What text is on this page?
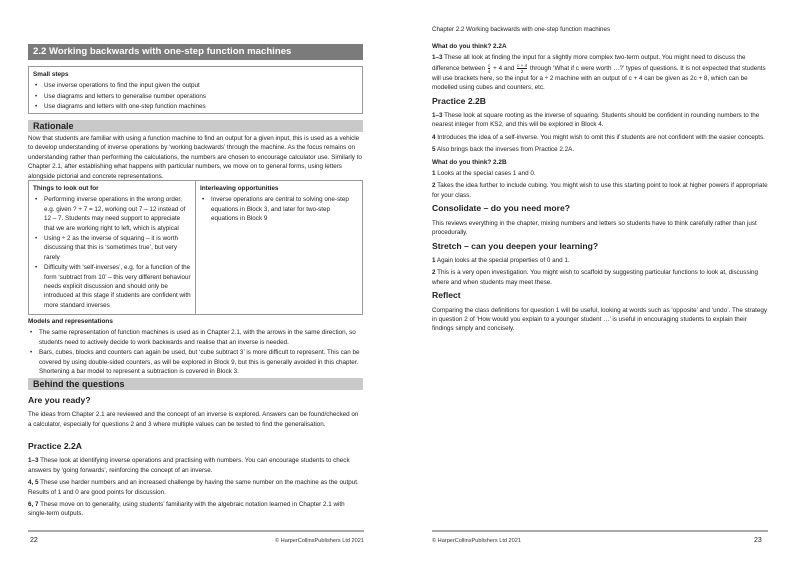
2.2 Working backwards with one-step function machines
Small steps
• Use inverse operations to find the input given the output
• Use diagrams and letters to generalise number operations
• Use diagrams and letters with one-step function machines
Rationale

Now that students are familiar with using a function machine to find an output for a given input, this is used as a vehicle to develop understanding of inverse operations by ‘working backwards’ through the machine. As the focus remains on understanding rather than performing the calculations, the numbers are chosen to encourage calculator use. Similarly to Chapter 2.1, after establishing what happens with particular numbers, we move on to general forms, using letters alongside pictorial and concrete representations.

Things to look out for
• Performing inverse operations in the wrong order, e.g. given ? + 7 = 12, working out 7 – 12 instead of 12 – 7. Students may need support to appreciate that we are working right to left, which is atypical
• Using ÷ 2 as the inverse of squaring – it is worth discussing that this is ‘sometimes true’, but very rarely
• Difficulty with ‘self-inverses’, e.g. for a function of the form ‘subtract from 10’ – this very different behaviour needs explicit discussion and should only be introduced at this stage if students are confident with more standard inverses

Interleaving opportunities
• Inverse operations are central to solving one-step equations in Block 3, and later for two-step equations in Block 9
Models and representations
• The same representation of function machines is used as in Chapter 2.1, with the arrows in the same direction, so students need to actively decide to work backwards and realise that an inverse is needed.
• Bars, cubes, blocks and counters can again be used, but ‘cube subtract 3’ is more difficult to represent. This can be covered by using double-sided counters, as will be explored in Block 9, but this is generally avoided in this chapter. Shortening a bar model to represent a subtraction is covered in Block 3.
Behind the questions
Are you ready?

The ideas from Chapter 2.1 are reviewed and the concept of an inverse is explored. Answers can be found/checked on a calculator, especially for questions 2 and 3 where multiple values can be tested to find the generalisation.

Practice 2.2A

1–3 These look at identifying inverse operations and practising with numbers. You can encourage students to check answers by ‘going forwards’, reinforcing the concept of an inverse.

4, 5 These use harder numbers and an increased challenge by having the same number on the machine as the output. Results of 1 and 0 are good points for discussion.

6, 7 These move on to generality, using students’ familiarity with the algebraic notation learned in Chapter 2.1 with single-term outputs.

22	© HarperCollinsPublishers Ltd 2021
Chapter 2.2 Working backwards with one-step function machines
What do you think? 2.2A

1–3 These all look at finding the input for a slightly more complex two-term output. You might need to discuss the difference between $\frac{c}{4} + 4$ and $\frac{c + 4}{2}$ through ‘What if c were worth …?’ types of questions. It is not expected that students will use brackets here, so the input for a ÷ 2 machine with an output of c + 4 can be given as 2c + 8, which can be modelled using cubes and counters, etc.

Practice 2.2B

1–3 These look at square rooting as the inverse of squaring. Students should be confident in rounding numbers to the nearest integer from KS2, and this will be explored in Block 4.

4 Introduces the idea of a self-inverse. You might wish to omit this if students are not confident with the easier concepts.

5 Also brings back the inverses from Practice 2.2A.

What do you think? 2.2B

1 Looks at the special cases 1 and 0.

2 Takes the idea further to include cubing. You might wish to use this starting point to look at higher powers if appropriate for your class.

Consolidate – do you need more?

This reviews everything in the chapter, mixing numbers and letters so students have to think carefully rather than just procedurally.

Stretch – can you deepen your learning?

1 Again looks at the special properties of 0 and 1.

2 This is a very open investigation. You might wish to scaffold by suggesting particular functions to look at, discussing where and when students may meet these.

Reflect

Comparing the class definitions for question 1 will be useful, looking at words such as ‘opposite’ and ‘undo’. The strategy in question 2 of ‘How would you explain to a younger student …’ is useful in encouraging students to explain their findings simply and concisely.

© HarperCollinsPublishers Ltd 2021	23
